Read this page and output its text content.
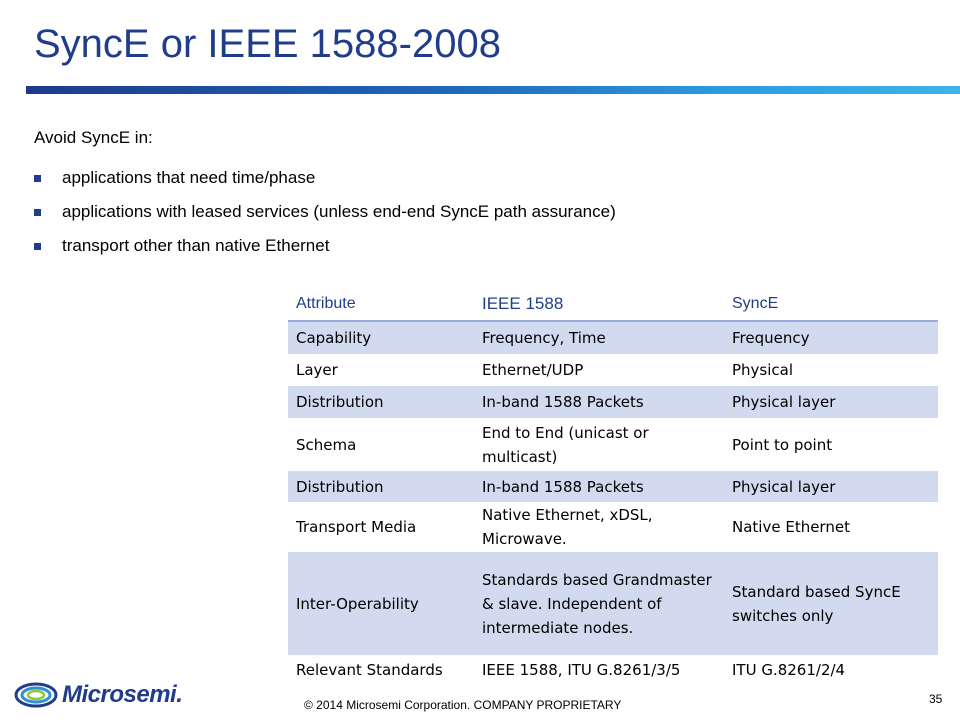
SyncE or IEEE 1588-2008
Avoid SyncE in:
applications that need time/phase
applications with leased services (unless end-end SyncE path assurance)
transport other than native Ethernet
Attribute	IEEE 1588	SyncE
Capability	Frequency, Time	Frequency
Layer	Ethernet/UDP	Physical
Distribution	In-band 1588 Packets	Physical layer
Schema	End to End (unicast or multicast)	Point to point
Distribution	In-band 1588 Packets	Physical layer
Transport Media	Native Ethernet, xDSL, Microwave.	Native Ethernet
Inter-Operability	Standards based Grandmaster & slave. Independent of intermediate nodes.	Standard based SyncE switches only
Relevant Standards	IEEE 1588, ITU G.8261/3/5	ITU G.8261/2/4
Microsemi.	© 2014 Microsemi Corporation. COMPANY PROPRIETARY	35
